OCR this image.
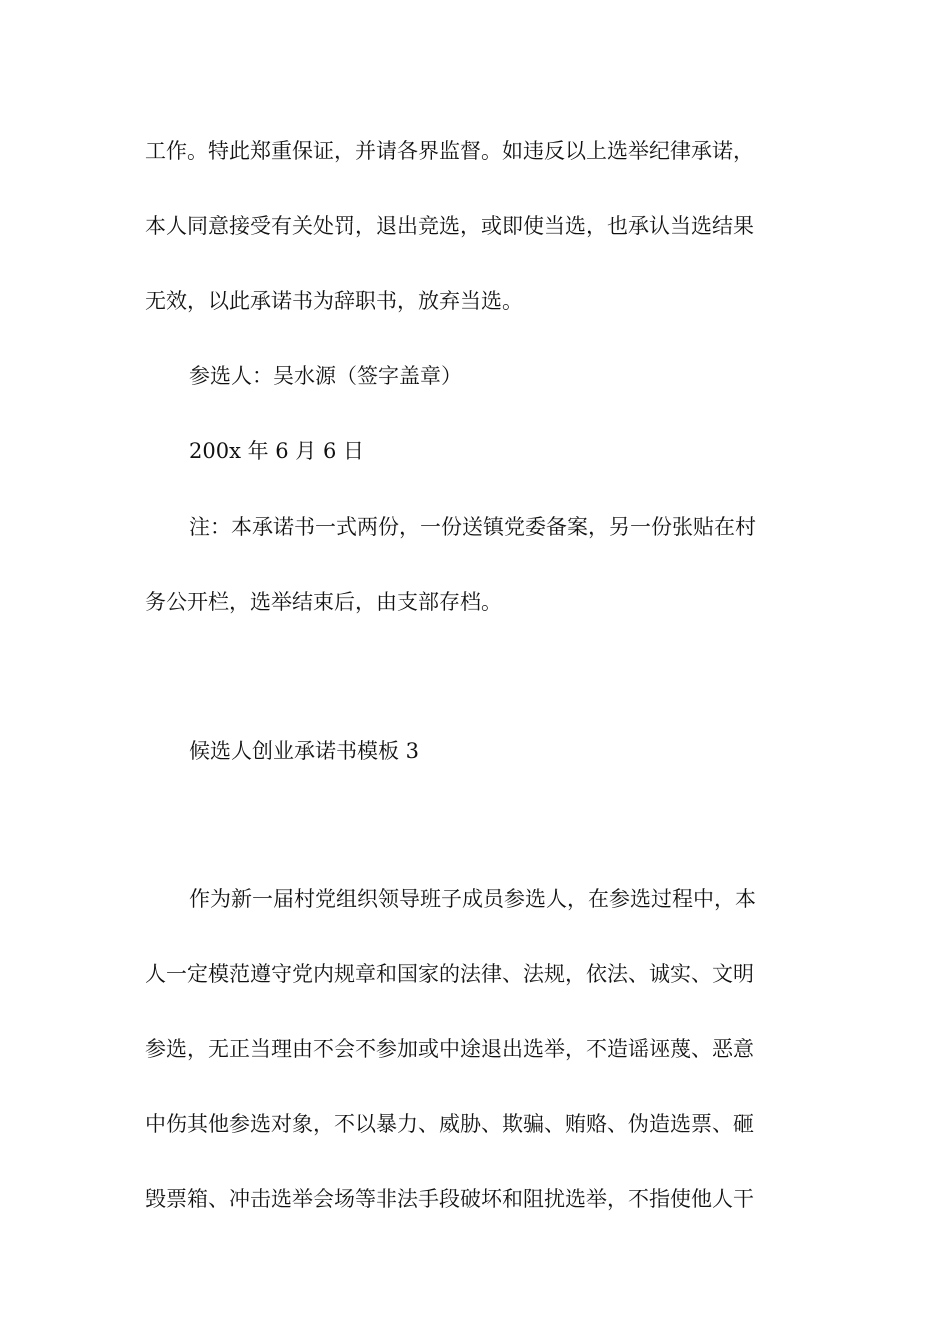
工作。特此郑重保证，并请各界监督。如违反以上选举纪律承诺，
本人同意接受有关处罚，退出竞选，或即使当选，也承认当选结果
无效，以此承诺书为辞职书，放弃当选。
参选人：吴水源（签字盖章）
200x 年 6 月 6 日
注：本承诺书一式两份，一份送镇党委备案，另一份张贴在村
务公开栏，选举结束后，由支部存档。
候选人创业承诺书模板 3
作为新一届村党组织领导班子成员参选人，在参选过程中，本
人一定模范遵守党内规章和国家的法律、法规，依法、诚实、文明
参选，无正当理由不会不参加或中途退出选举，不造谣诬蔑、恶意
中伤其他参选对象，不以暴力、威胁、欺骗、贿赂、伪造选票、砸
毁票箱、冲击选举会场等非法手段破坏和阻扰选举，不指使他人干
